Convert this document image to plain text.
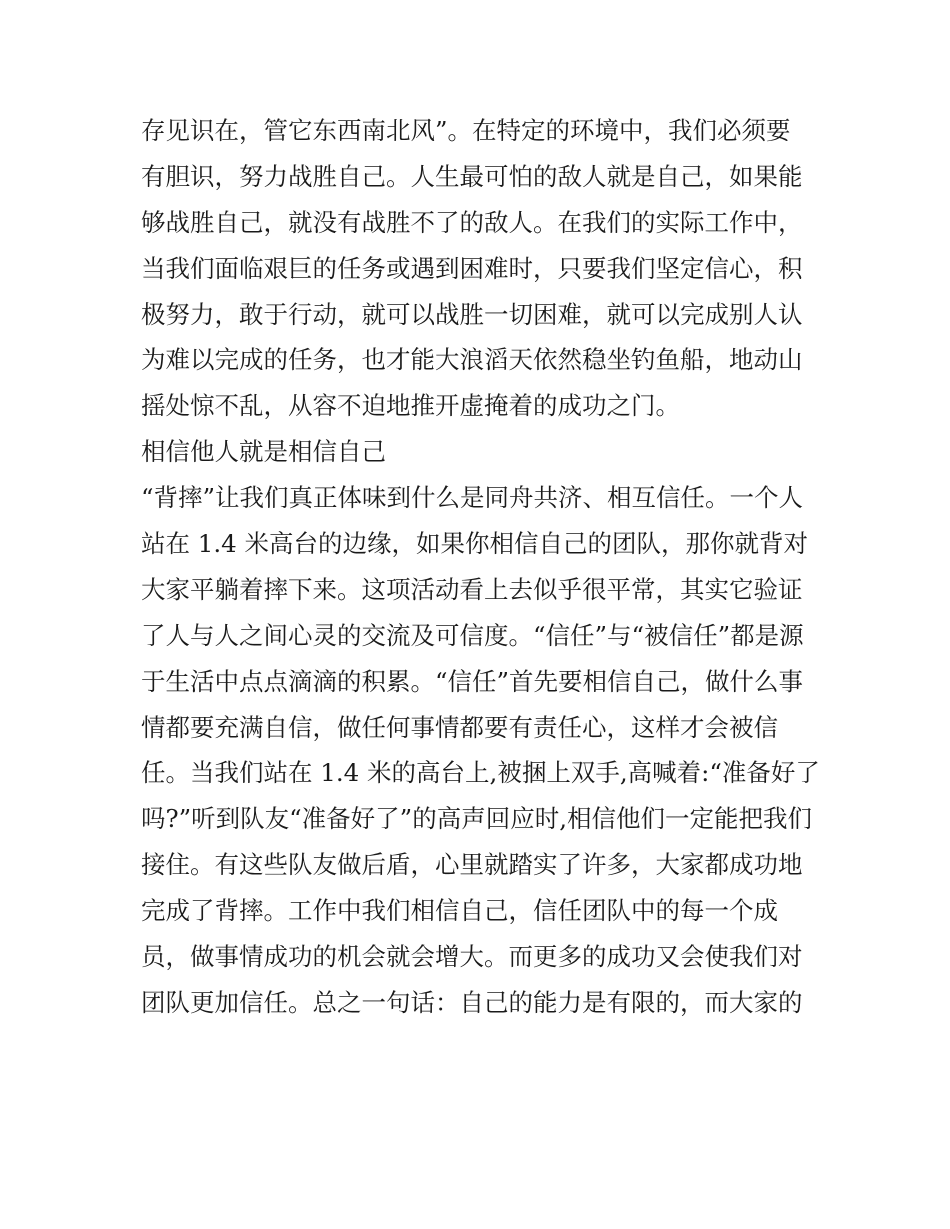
存见识在，管它东西南北风”。在特定的环境中，我们必须要
有胆识，努力战胜自己。人生最可怕的敌人就是自己，如果能
够战胜自己，就没有战胜不了的敌人。在我们的实际工作中，
当我们面临艰巨的任务或遇到困难时，只要我们坚定信心，积
极努力，敢于行动，就可以战胜一切困难，就可以完成别人认
为难以完成的任务，也才能大浪滔天依然稳坐钓鱼船，地动山
摇处惊不乱，从容不迫地推开虚掩着的成功之门。
相信他人就是相信自己
“背摔”让我们真正体味到什么是同舟共济、相互信任。一个人
站在 1.4 米高台的边缘，如果你相信自己的团队，那你就背对
大家平躺着摔下来。这项活动看上去似乎很平常，其实它验证
了人与人之间心灵的交流及可信度。“信任”与“被信任”都是源
于生活中点点滴滴的积累。“信任”首先要相信自己，做什么事
情都要充满自信，做任何事情都要有责任心，这样才会被信
任。当我们站在 1.4 米的高台上,被捆上双手,高喊着:“准备好了
吗?”听到队友“准备好了”的高声回应时,相信他们一定能把我们
接住。有这些队友做后盾，心里就踏实了许多，大家都成功地
完成了背摔。工作中我们相信自己，信任团队中的每一个成
员，做事情成功的机会就会增大。而更多的成功又会使我们对
团队更加信任。总之一句话：自己的能力是有限的，而大家的
